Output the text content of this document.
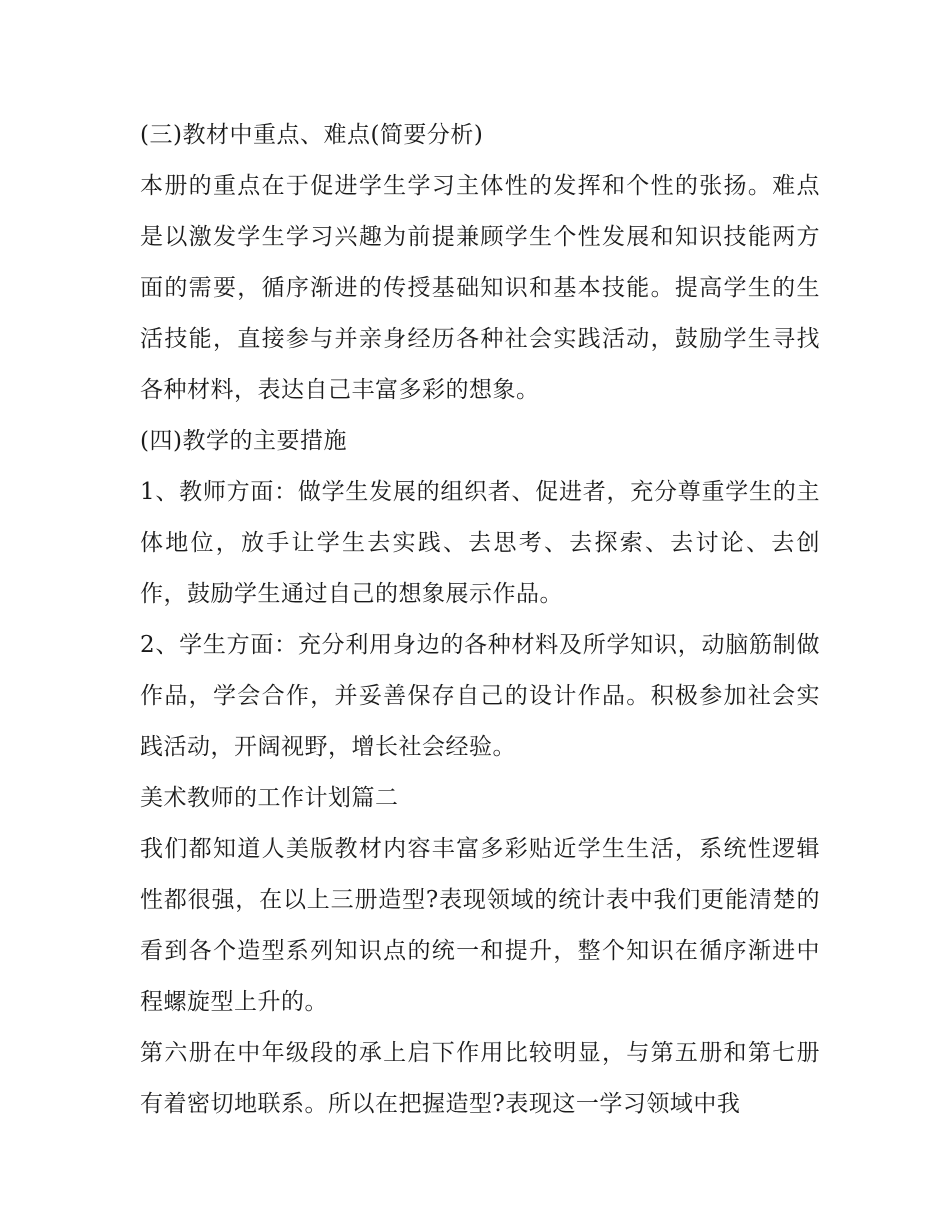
(三)教材中重点、难点(简要分析)

本册的重点在于促进学生学习主体性的发挥和个性的张扬。难点是以激发学生学习兴趣为前提兼顾学生个性发展和知识技能两方面的需要，循序渐进的传授基础知识和基本技能。提高学生的生活技能，直接参与并亲身经历各种社会实践活动，鼓励学生寻找各种材料，表达自己丰富多彩的想象。

(四)教学的主要措施

1、教师方面：做学生发展的组织者、促进者，充分尊重学生的主体地位，放手让学生去实践、去思考、去探索、去讨论、去创作，鼓励学生通过自己的想象展示作品。

2、学生方面：充分利用身边的各种材料及所学知识，动脑筋制做作品，学会合作，并妥善保存自己的设计作品。积极参加社会实践活动，开阔视野，增长社会经验。

美术教师的工作计划篇二

我们都知道人美版教材内容丰富多彩贴近学生生活，系统性逻辑性都很强，在以上三册造型?表现领域的统计表中我们更能清楚的看到各个造型系列知识点的统一和提升，整个知识在循序渐进中程螺旋型上升的。

第六册在中年级段的承上启下作用比较明显，与第五册和第七册有着密切地联系。所以在把握造型?表现这一学习领域中我
